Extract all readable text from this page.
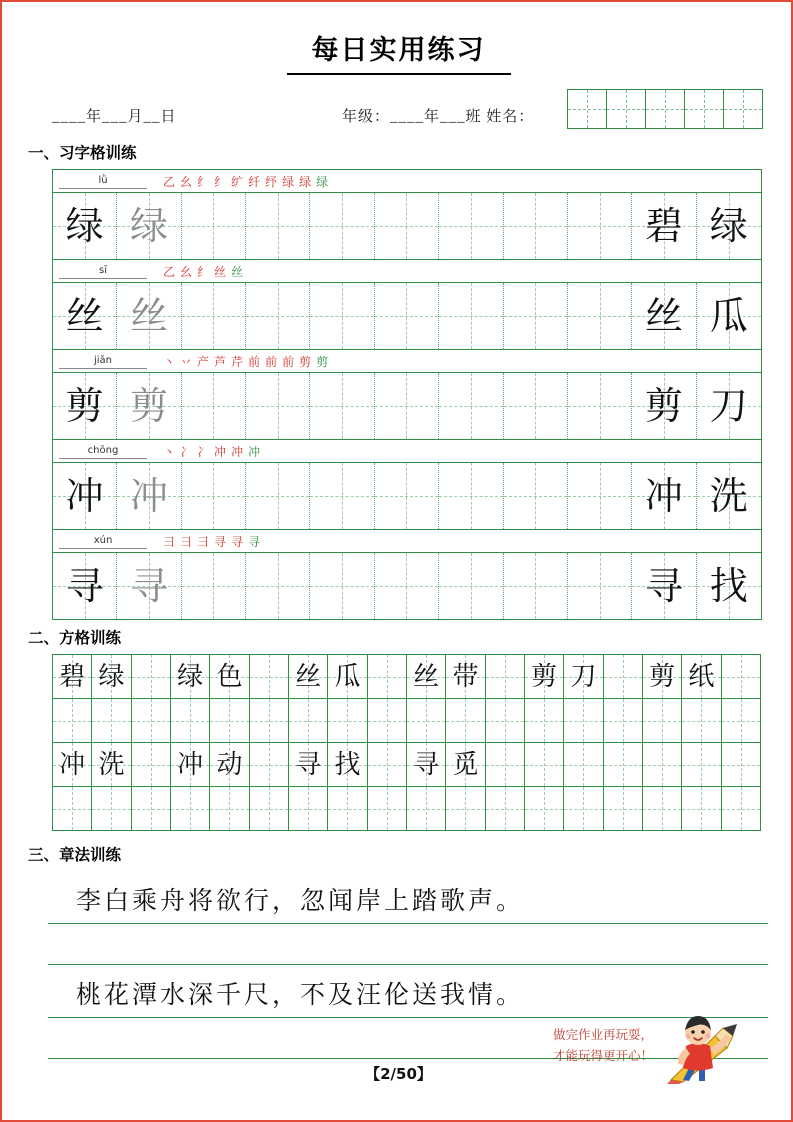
每日实用练习
____年___月__日	年级：____年___班 姓名：
一、习字格训练
lǜ	乙幺纟纟纩纤纾绿绿绿
绿 绿	碧 绿
sī	乙幺纟丝丝
丝 丝	丝 瓜
jiǎn	丶丷产芦芹前前前剪剪
剪 剪	剪 刀
chōng	丶冫冫冲冲冲
冲 冲	冲 洗
xún	⺕彐彐寻寻寻
寻 寻	寻 找
二、方格训练
碧 绿 绿 色 丝 瓜 丝 带 剪 刀 剪 纸
冲 洗 冲 动 寻 找 寻 觅
三、章法训练
李白乘舟将欲行，忽闻岸上踏歌声。
桃花潭水深千尺，不及汪伦送我情。
做完作业再玩耍，
才能玩得更开心！
【2/50】
